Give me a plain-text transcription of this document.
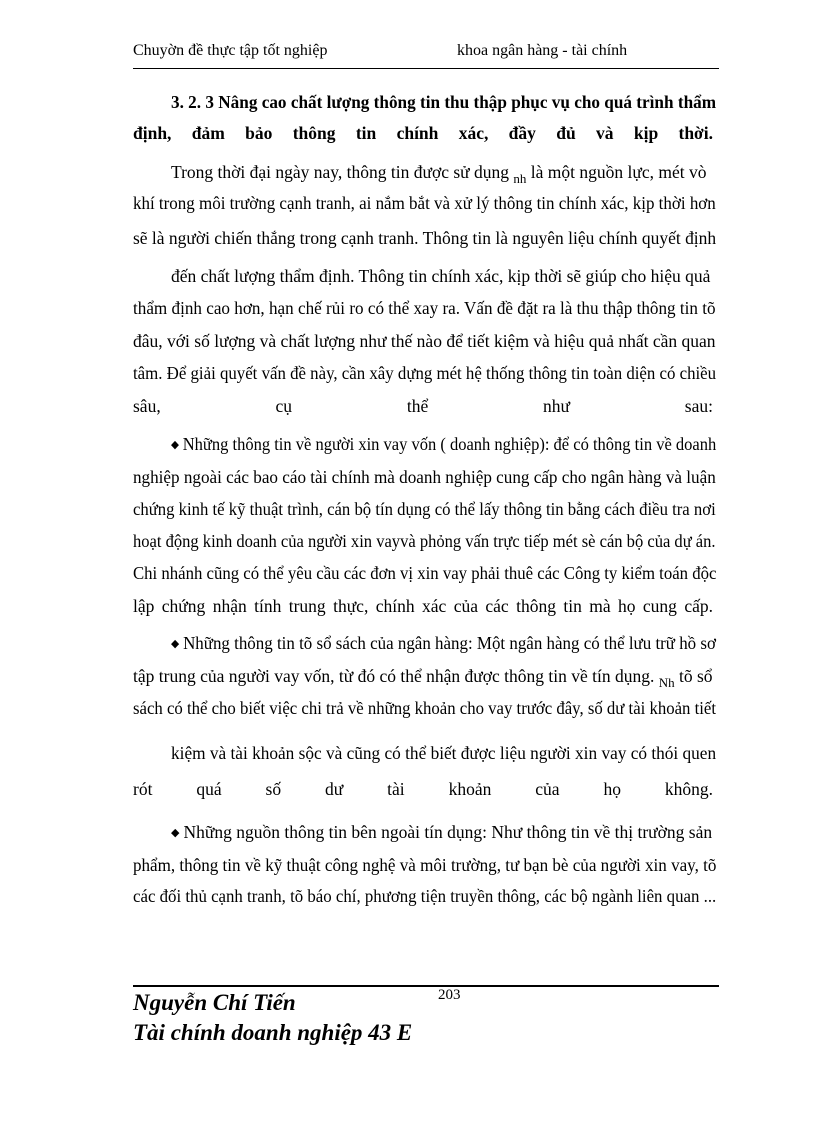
Chuyờn đề thực tập tốt nghiệp	khoa ngân hàng - tài chính
3. 2. 3 Nâng cao chất lượng thông tin thu thập phục vụ cho quá trình thẩm
định, đảm bảo thông tin chính xác, đầy đủ và kịp thời.
Trong thời đại ngày nay, thông tin được sử dụng $_{nh}$ là một nguồn lực, mét vò
khí trong môi trường cạnh tranh, ai nắm bắt và xử lý thông tin chính xác, kịp thời hơn
sẽ là người chiến thắng trong cạnh tranh. Thông tin là nguyên liệu chính quyết định
đến chất lượng thẩm định. Thông tin chính xác, kịp thời sẽ giúp cho hiệu quả
thẩm định cao hơn, hạn chế rủi ro có thể xay ra. Vấn đề đặt ra là thu thập thông tin tõ
đâu, với số lượng và chất lượng như thế nào để tiết kiệm và hiệu quả nhất cần quan
tâm. Để giải quyết vấn đề này, cần xây dựng mét hệ thống thông tin toàn diện có chiều
sâu, cụ thể như sau:
◆ Những thông tin về người xin vay vốn ( doanh nghiệp): để có thông tin về doanh
nghiệp ngoài các bao cáo tài chính mà doanh nghiệp cung cấp cho ngân hàng và luận
chứng kinh tế kỹ thuật trình, cán bộ tín dụng có thể lấy thông tin bằng cách điều tra nơi
hoạt động kinh doanh của người xin vayvà phỏng vấn trực tiếp mét sè cán bộ của dự án.
Chi nhánh cũng có thể yêu cầu các đơn vị xin vay phải thuê các Công ty kiểm toán độc
lập chứng nhận tính trung thực, chính xác của các thông tin mà họ cung cấp.
◆ Những thông tin tõ sổ sách của ngân hàng: Một ngân hàng có thể lưu trữ hồ sơ
tập trung của người vay vốn, từ đó có thể nhận được thông tin về tín dụng. $_{Nh}$ tõ sổ
sách có thể cho biết việc chi trả về những khoản cho vay trước đây, số dư tài khoản tiết
kiệm và tài khoản sộc và cũng có thể biết được liệu người xin vay có thói quen
rót quá số dư tài khoản của họ không.
◆ Những nguồn thông tin bên ngoài tín dụng: Như thông tin về thị trường sản
phẩm, thông tin về kỹ thuật công nghệ và môi trường, tư bạn bè của người xin vay, tõ
các đối thủ cạnh tranh, tõ báo chí, phương tiện truyền thông, các bộ ngành liên quan ...
203
Nguyễn Chí Tiến
Tài chính doanh nghiệp 43 E
